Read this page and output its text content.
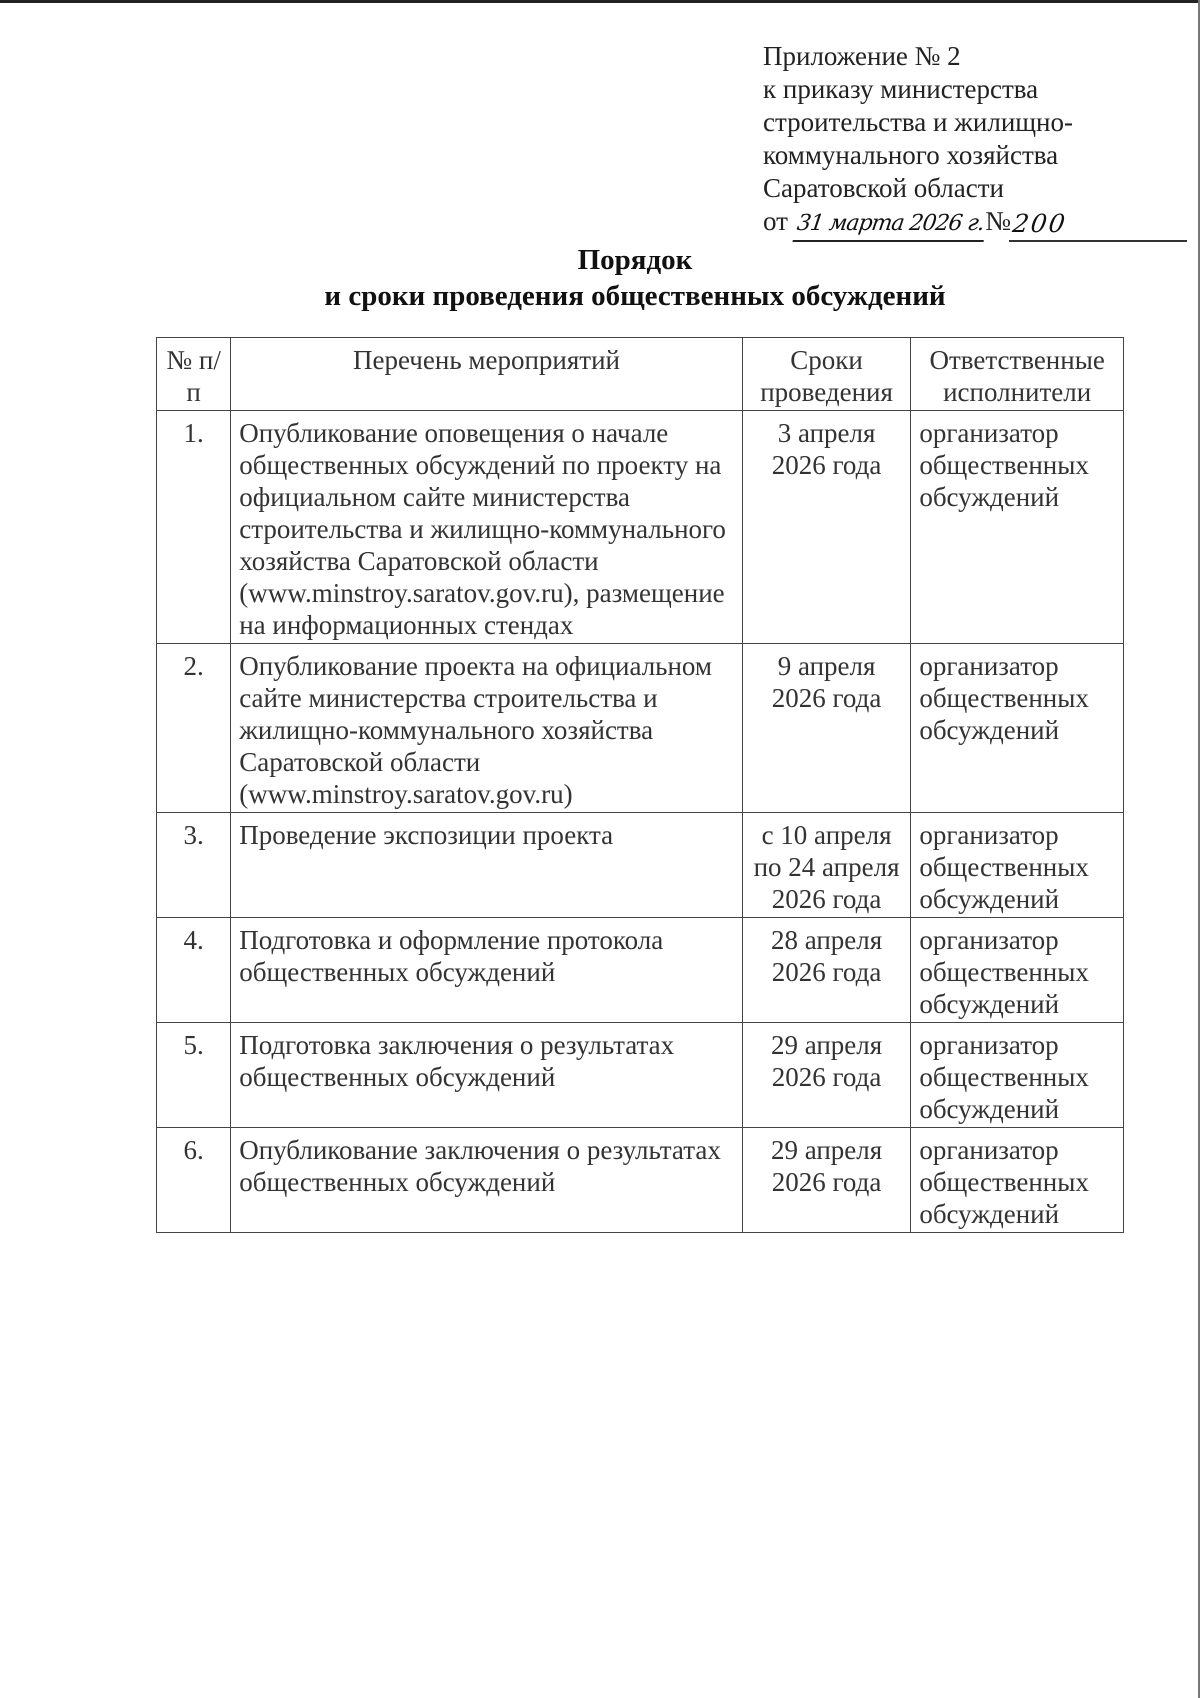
Приложение № 2
к приказу министерства
строительства и жилищно-
коммунального хозяйства
Саратовской области
от 31 марта 2026 г.№200
Порядок
и сроки проведения общественных обсуждений
№ п/п	Перечень мероприятий	Сроки проведения	Ответственные исполнители
1.	Опубликование оповещения о начале общественных обсуждений по проекту на официальном сайте министерства строительства и жилищно-коммунального хозяйства Саратовской области (www.minstroy.saratov.gov.ru), размещение на информационных стендах	3 апреля 2026 года	организатор общественных обсуждений
2.	Опубликование проекта на официальном сайте министерства строительства и жилищно-коммунального хозяйства Саратовской области (www.minstroy.saratov.gov.ru)	9 апреля 2026 года	организатор общественных обсуждений
3.	Проведение экспозиции проекта	с 10 апреля по 24 апреля 2026 года	организатор общественных обсуждений
4.	Подготовка и оформление протокола общественных обсуждений	28 апреля 2026 года	организатор общественных обсуждений
5.	Подготовка заключения о результатах общественных обсуждений	29 апреля 2026 года	организатор общественных обсуждений
6.	Опубликование заключения о результатах общественных обсуждений	29 апреля 2026 года	организатор общественных обсуждений
